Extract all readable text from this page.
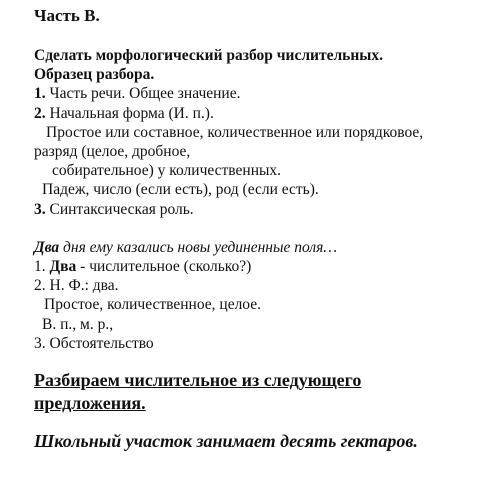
Часть В.
Сделать морфологический разбор числительных.
Образец разбора.
1. Часть речи. Общее значение.
2. Начальная форма (И. п.).
Простое или составное, количественное или порядковое,
разряд (целое, дробное,
собирательное) у количественных.
Падеж, число (если есть), род (если есть).
3. Синтаксическая роль.
Два дня ему казались новы уединенные поля…
1. Два - числительное (сколько?)
2. Н. Ф.: два.
Простое, количественное, целое.
В. п., м. р.,
3. Обстоятельство
Разбираем числительное из следующего
предложения.
Школьный участок занимает десять гектаров.
